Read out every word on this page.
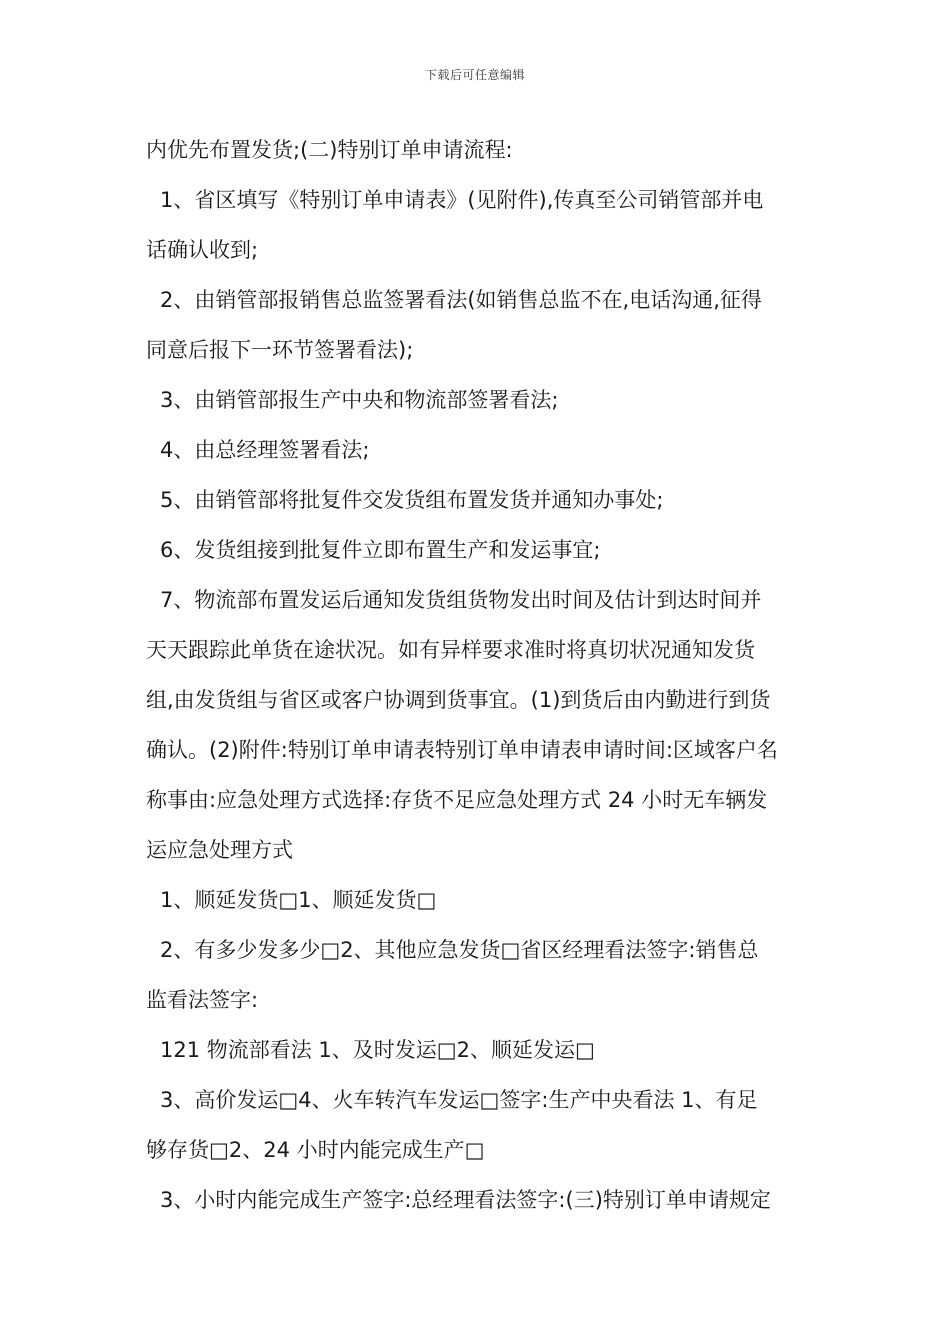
下载后可任意编辑
内优先布置发货;(二)特别订单申请流程:
1、省区填写《特别订单申请表》(见附件),传真至公司销管部并电
话确认收到;
2、由销管部报销售总监签署看法(如销售总监不在,电话沟通,征得
同意后报下一环节签署看法);
3、由销管部报生产中央和物流部签署看法;
4、由总经理签署看法;
5、由销管部将批复件交发货组布置发货并通知办事处;
6、发货组接到批复件立即布置生产和发运事宜;
7、物流部布置发运后通知发货组货物发出时间及估计到达时间并
天天跟踪此单货在途状况。如有异样要求准时将真切状况通知发货
组,由发货组与省区或客户协调到货事宜。(1)到货后由内勤进行到货
确认。(2)附件:特别订单申请表特别订单申请表申请时间:区域客户名
称事由:应急处理方式选择:存货不足应急处理方式 24 小时无车辆发
运应急处理方式
1、顺延发货□1、顺延发货□
2、有多少发多少□2、其他应急发货□省区经理看法签字:销售总
监看法签字:
121 物流部看法 1、及时发运□2、顺延发运□
3、高价发运□4、火车转汽车发运□签字:生产中央看法 1、有足
够存货□2、24 小时内能完成生产□
3、小时内能完成生产签字:总经理看法签字:(三)特别订单申请规定
